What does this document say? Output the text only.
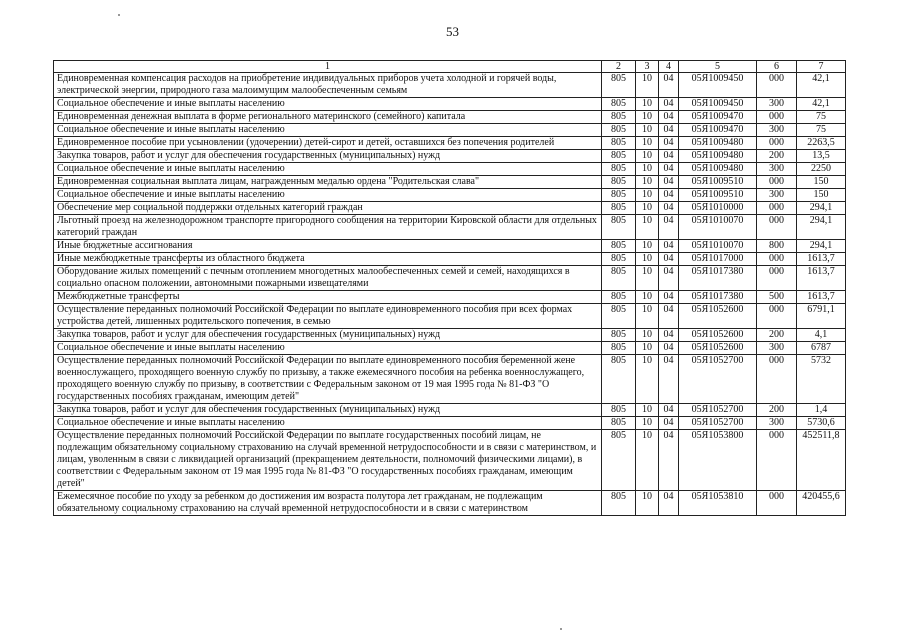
53
1	2	3	4	5	6	7
Единовременная компенсация расходов на приобретение индивидуальных приборов учета холодной и горячей воды, электрической энергии, природного газа малоимущим малообеспеченным семьям	805	10	04	05Я1009450	000	42,1
Социальное обеспечение и иные выплаты населению	805	10	04	05Я1009450	300	42,1
Единовременная денежная выплата в форме регионального материнского (семейного) капитала	805	10	04	05Я1009470	000	75
Социальное обеспечение и иные выплаты населению	805	10	04	05Я1009470	300	75
Единовременное пособие при усыновлении (удочерении) детей-сирот и детей, оставшихся без попечения родителей	805	10	04	05Я1009480	000	2263,5
Закупка товаров, работ и услуг для обеспечения государственных (муниципальных) нужд	805	10	04	05Я1009480	200	13,5
Социальное обеспечение и иные выплаты населению	805	10	04	05Я1009480	300	2250
Единовременная социальная выплата лицам, награжденным медалью ордена "Родительская слава"	805	10	04	05Я1009510	000	150
Социальное обеспечение и иные выплаты населению	805	10	04	05Я1009510	300	150
Обеспечение мер социальной поддержки отдельных категорий граждан	805	10	04	05Я1010000	000	294,1
Льготный проезд на железнодорожном транспорте пригородного сообщения на территории Кировской области для отдельных категорий граждан	805	10	04	05Я1010070	000	294,1
Иные бюджетные ассигнования	805	10	04	05Я1010070	800	294,1
Иные межбюджетные трансферты из областного бюджета	805	10	04	05Я1017000	000	1613,7
Оборудование жилых помещений с печным отоплением многодетных малообеспеченных семей и семей, находящихся в социально опасном положении, автономными пожарными извещателями	805	10	04	05Я1017380	000	1613,7
Межбюджетные трансферты	805	10	04	05Я1017380	500	1613,7
Осуществление переданных полномочий Российской Федерации по выплате единовременного пособия при всех формах устройства детей, лишенных родительского попечения, в семью	805	10	04	05Я1052600	000	6791,1
Закупка товаров, работ и услуг для обеспечения государственных (муниципальных) нужд	805	10	04	05Я1052600	200	4,1
Социальное обеспечение и иные выплаты населению	805	10	04	05Я1052600	300	6787
Осуществление переданных полномочий Российской Федерации по выплате единовременного пособия беременной жене военнослужащего, проходящего военную службу по призыву, а также ежемесячного пособия на ребенка военнослужащего, проходящего военную службу по призыву, в соответствии с Федеральным законом от 19 мая 1995 года № 81-ФЗ "О государственных пособиях гражданам, имеющим детей"	805	10	04	05Я1052700	000	5732
Закупка товаров, работ и услуг для обеспечения государственных (муниципальных) нужд	805	10	04	05Я1052700	200	1,4
Социальное обеспечение и иные выплаты населению	805	10	04	05Я1052700	300	5730,6
Осуществление переданных полномочий Российской Федерации по выплате государственных пособий лицам, не подлежащим обязательному социальному страхованию на случай временной нетрудоспособности и в связи с материнством, и лицам, уволенным в связи с ликвидацией организаций (прекращением деятельности, полномочий физическими лицами), в соответствии с Федеральным законом от 19 мая 1995 года № 81-ФЗ "О государственных пособиях гражданам, имеющим детей"	805	10	04	05Я1053800	000	452511,8
Ежемесячное пособие по уходу за ребенком до достижения им возраста полутора лет гражданам, не подлежащим обязательному социальному страхованию на случай временной нетрудоспособности и в связи с материнством	805	10	04	05Я1053810	000	420455,6
